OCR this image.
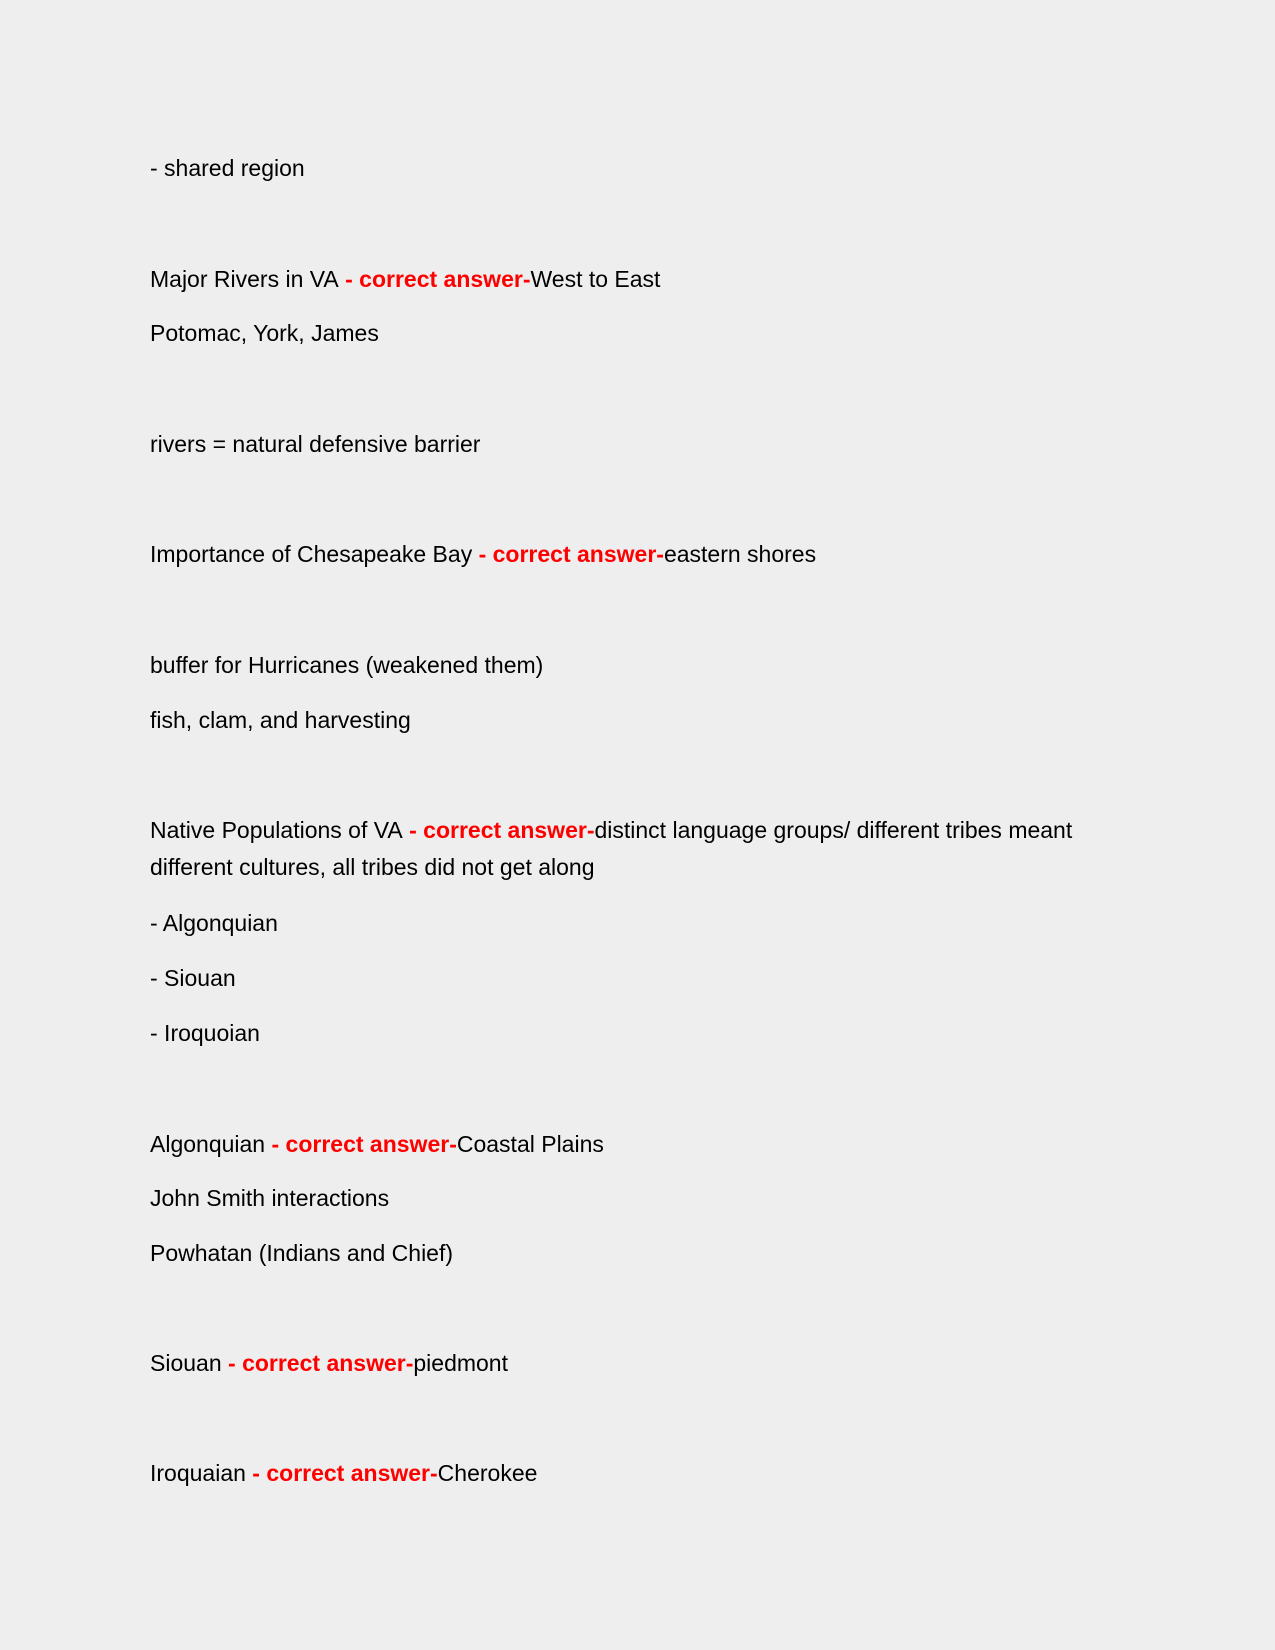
- shared region
Major Rivers in VA - correct answer-West to East
Potomac, York, James
rivers = natural defensive barrier
Importance of Chesapeake Bay - correct answer-eastern shores
buffer for Hurricanes (weakened them)
fish, clam, and harvesting
Native Populations of VA - correct answer-distinct language groups/ different tribes meant different cultures, all tribes did not get along
- Algonquian
- Siouan
- Iroquoian
Algonquian - correct answer-Coastal Plains
John Smith interactions
Powhatan (Indians and Chief)
Siouan - correct answer-piedmont
Iroquaian - correct answer-Cherokee
